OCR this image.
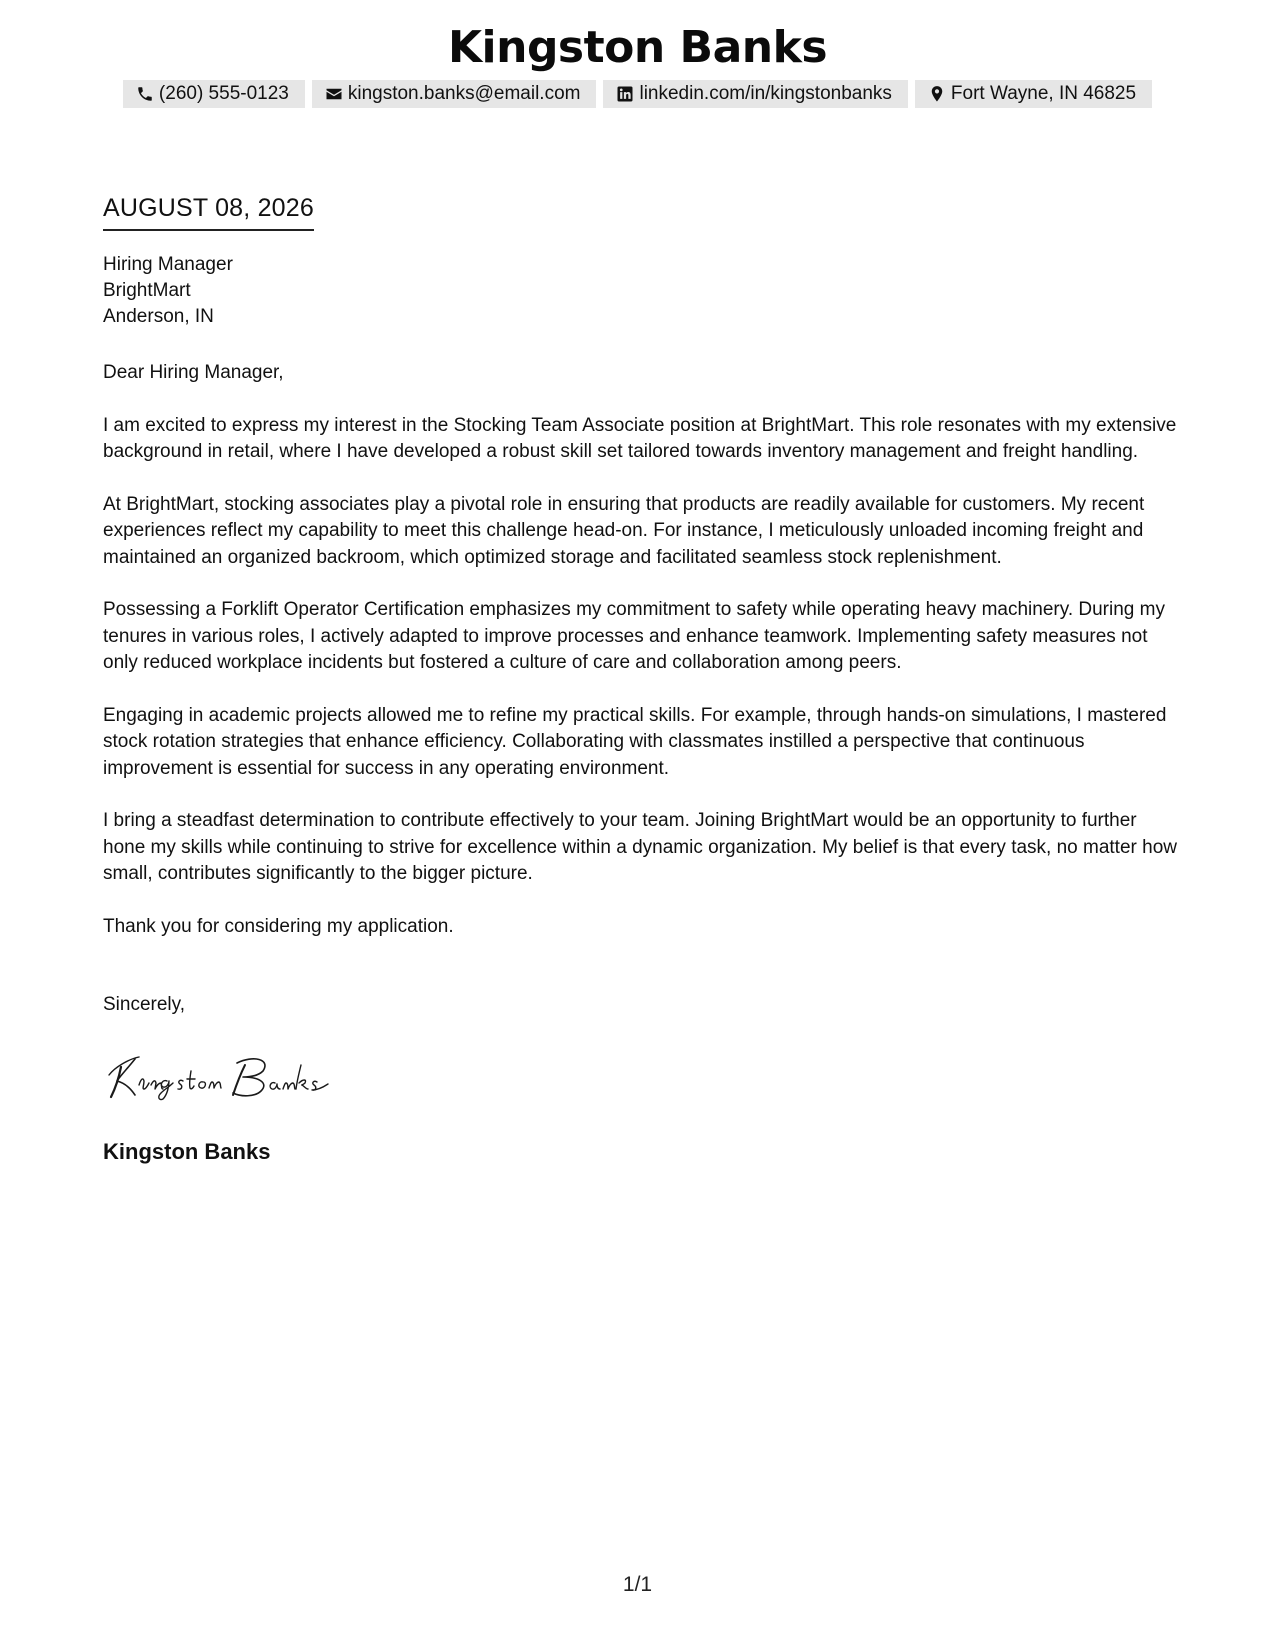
Kingston Banks
(260) 555-0123	kingston.banks@email.com	linkedin.com/in/kingstonbanks	Fort Wayne, IN 46825
AUGUST 08, 2026
Hiring Manager
BrightMart
Anderson, IN

Dear Hiring Manager,

I am excited to express my interest in the Stocking Team Associate position at BrightMart. This role resonates with my extensive background in retail, where I have developed a robust skill set tailored towards inventory management and freight handling.

At BrightMart, stocking associates play a pivotal role in ensuring that products are readily available for customers. My recent experiences reflect my capability to meet this challenge head-on. For instance, I meticulously unloaded incoming freight and maintained an organized backroom, which optimized storage and facilitated seamless stock replenishment.

Possessing a Forklift Operator Certification emphasizes my commitment to safety while operating heavy machinery. During my tenures in various roles, I actively adapted to improve processes and enhance teamwork. Implementing safety measures not only reduced workplace incidents but fostered a culture of care and collaboration among peers.

Engaging in academic projects allowed me to refine my practical skills. For example, through hands-on simulations, I mastered stock rotation strategies that enhance efficiency. Collaborating with classmates instilled a perspective that continuous improvement is essential for success in any operating environment.

I bring a steadfast determination to contribute effectively to your team. Joining BrightMart would be an opportunity to further hone my skills while continuing to strive for excellence within a dynamic organization. My belief is that every task, no matter how small, contributes significantly to the bigger picture.

Thank you for considering my application.

Sincerely,
Kingston Banks
1/1
